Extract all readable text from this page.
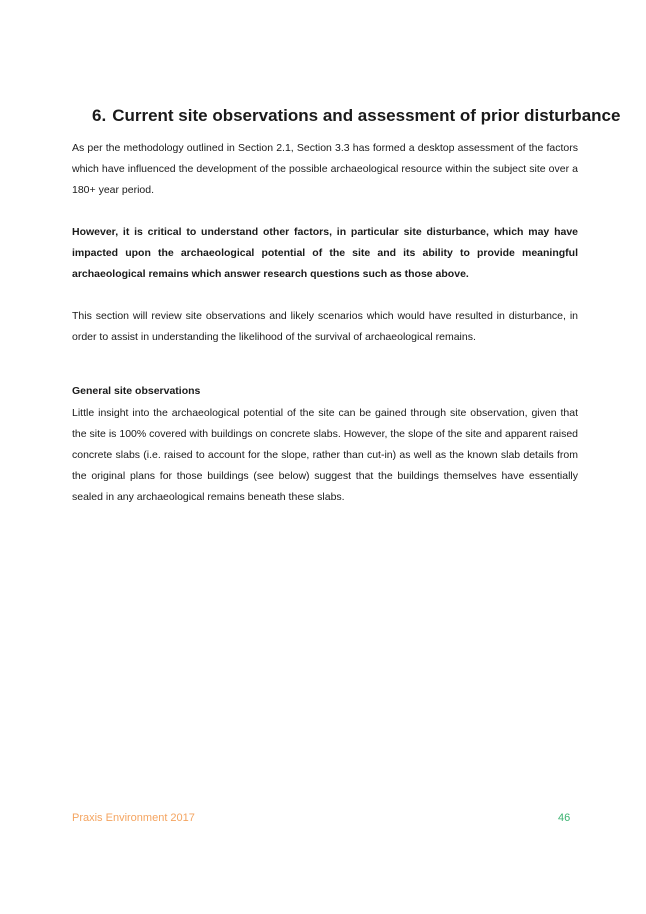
6. Current site observations and assessment of prior disturbance
As per the methodology outlined in Section 2.1, Section 3.3 has formed a desktop assessment of the factors which have influenced the development of the possible archaeological resource within the subject site over a 180+ year period.
However, it is critical to understand other factors, in particular site disturbance, which may have impacted upon the archaeological potential of the site and its ability to provide meaningful archaeological remains which answer research questions such as those above.
This section will review site observations and likely scenarios which would have resulted in disturbance, in order to assist in understanding the likelihood of the survival of archaeological remains.
General site observations
Little insight into the archaeological potential of the site can be gained through site observation, given that the site is 100% covered with buildings on concrete slabs. However, the slope of the site and apparent raised concrete slabs (i.e. raised to account for the slope, rather than cut-in) as well as the known slab details from the original plans for those buildings (see below) suggest that the buildings themselves have essentially sealed in any archaeological remains beneath these slabs.
Praxis Environment 2017	46
